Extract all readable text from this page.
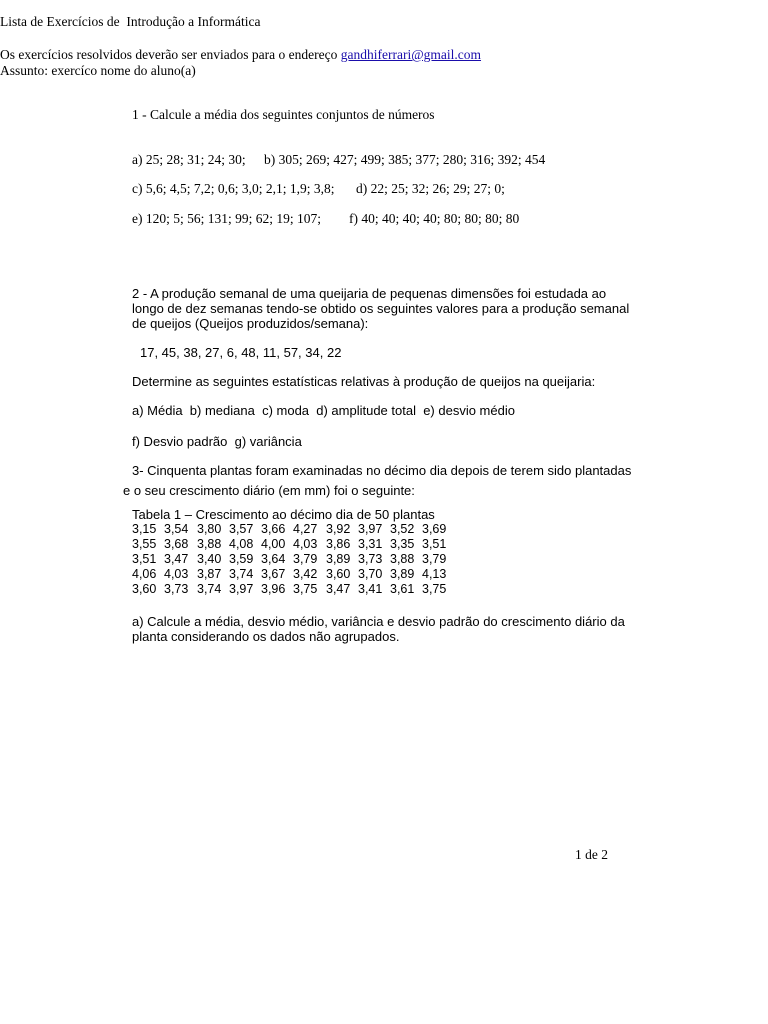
Lista de Exercícios de  Introdução a Informática
Os exercícios resolvidos deverão ser enviados para o endereço gandhiferrari@gmail.com
Assunto: exercíco nome do aluno(a)
1 - Calcule a média dos seguintes conjuntos de números
a) 25; 28; 31; 24; 30; b) 305; 269; 427; 499; 385; 377; 280; 316; 392; 454
c) 5,6; 4,5; 7,2; 0,6; 3,0; 2,1; 1,9; 3,8; d) 22; 25; 32; 26; 29; 27; 0;
e) 120; 5; 56; 131; 99; 62; 19; 107; f) 40; 40; 40; 40; 80; 80; 80; 80
2 - A produção semanal de uma queijaria de pequenas dimensões foi estudada ao
longo de dez semanas tendo-se obtido os seguintes valores para a produção semanal
de queijos (Queijos produzidos/semana):
17, 45, 38, 27, 6, 48, 11, 57, 34, 22
Determine as seguintes estatísticas relativas à produção de queijos na queijaria:
a) Média  b) mediana  c) moda  d) amplitude total  e) desvio médio
f) Desvio padrão  g) variância
3- Cinquenta plantas foram examinadas no décimo dia depois de terem sido plantadas
e o seu crescimento diário (em mm) foi o seguinte:
Tabela 1 – Crescimento ao décimo dia de 50 plantas
3,15 3,54 3,80 3,57 3,66 4,27 3,92 3,97 3,52 3,69
3,55 3,68 3,88 4,08 4,00 4,03 3,86 3,31 3,35 3,51
3,51 3,47 3,40 3,59 3,64 3,79 3,89 3,73 3,88 3,79
4,06 4,03 3,87 3,74 3,67 3,42 3,60 3,70 3,89 4,13
3,60 3,73 3,74 3,97 3,96 3,75 3,47 3,41 3,61 3,75
a) Calcule a média, desvio médio, variância e desvio padrão do crescimento diário da
planta considerando os dados não agrupados.
1 de 2
